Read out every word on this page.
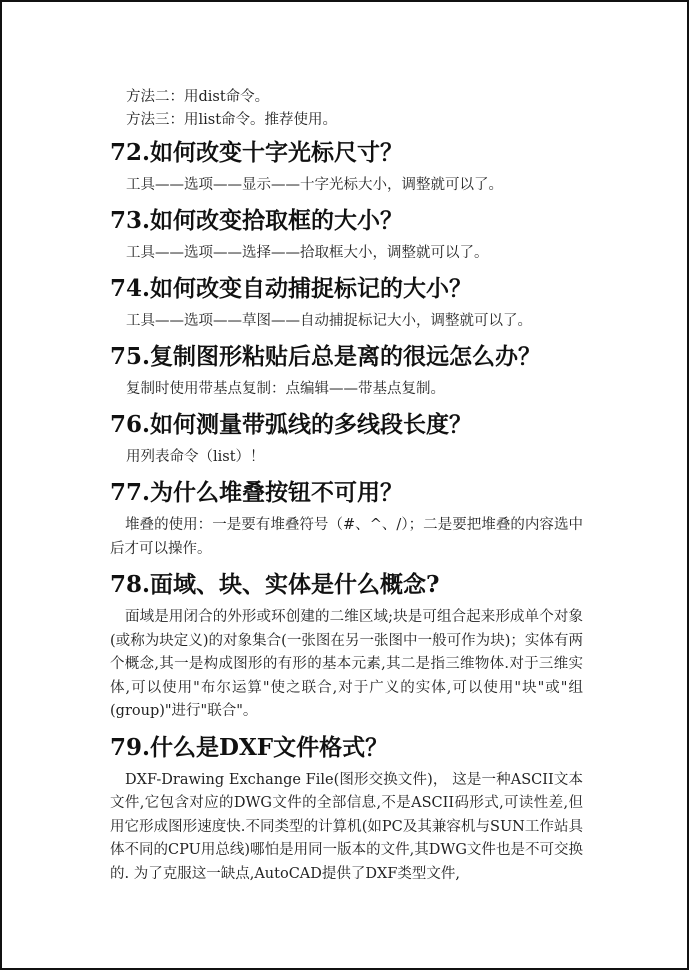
方法二：用dist命令。

方法三：用list命令。推荐使用。

72.如何改变十字光标尺寸？

工具——选项——显示——十字光标大小，调整就可以了。

73.如何改变拾取框的大小？

工具——选项——选择——拾取框大小，调整就可以了。

74.如何改变自动捕捉标记的大小？

工具——选项——草图——自动捕捉标记大小，调整就可以了。

75.复制图形粘贴后总是离的很远怎么办？

复制时使用带基点复制：点编辑——带基点复制。

76.如何测量带弧线的多线段长度？

用列表命令（list）！

77.为什么堆叠按钮不可用？

堆叠的使用：一是要有堆叠符号（#、^、/）；二是要把堆叠的内容选中后才可以操作。

78.面域、块、实体是什么概念?

面域是用闭合的外形或环创建的二维区域;块是可组合起来形成单个对象(或称为块定义)的对象集合(一张图在另一张图中一般可作为块)；实体有两个概念,其一是构成图形的有形的基本元素,其二是指三维物体.对于三维实体,可以使用"布尔运算"使之联合,对于广义的实体,可以使用"块"或"组(group)"进行"联合"。

79.什么是DXF文件格式？

DXF-Drawing Exchange File(图形交换文件)， 这是一种ASCII文本文件,它包含对应的DWG文件的全部信息,不是ASCII码形式,可读性差,但用它形成图形速度快.不同类型的计算机(如PC及其兼容机与SUN工作站具体不同的CPU用总线)哪怕是用同一版本的文件,其DWG文件也是不可交换的. 为了克服这一缺点,AutoCAD提供了DXF类型文件,
